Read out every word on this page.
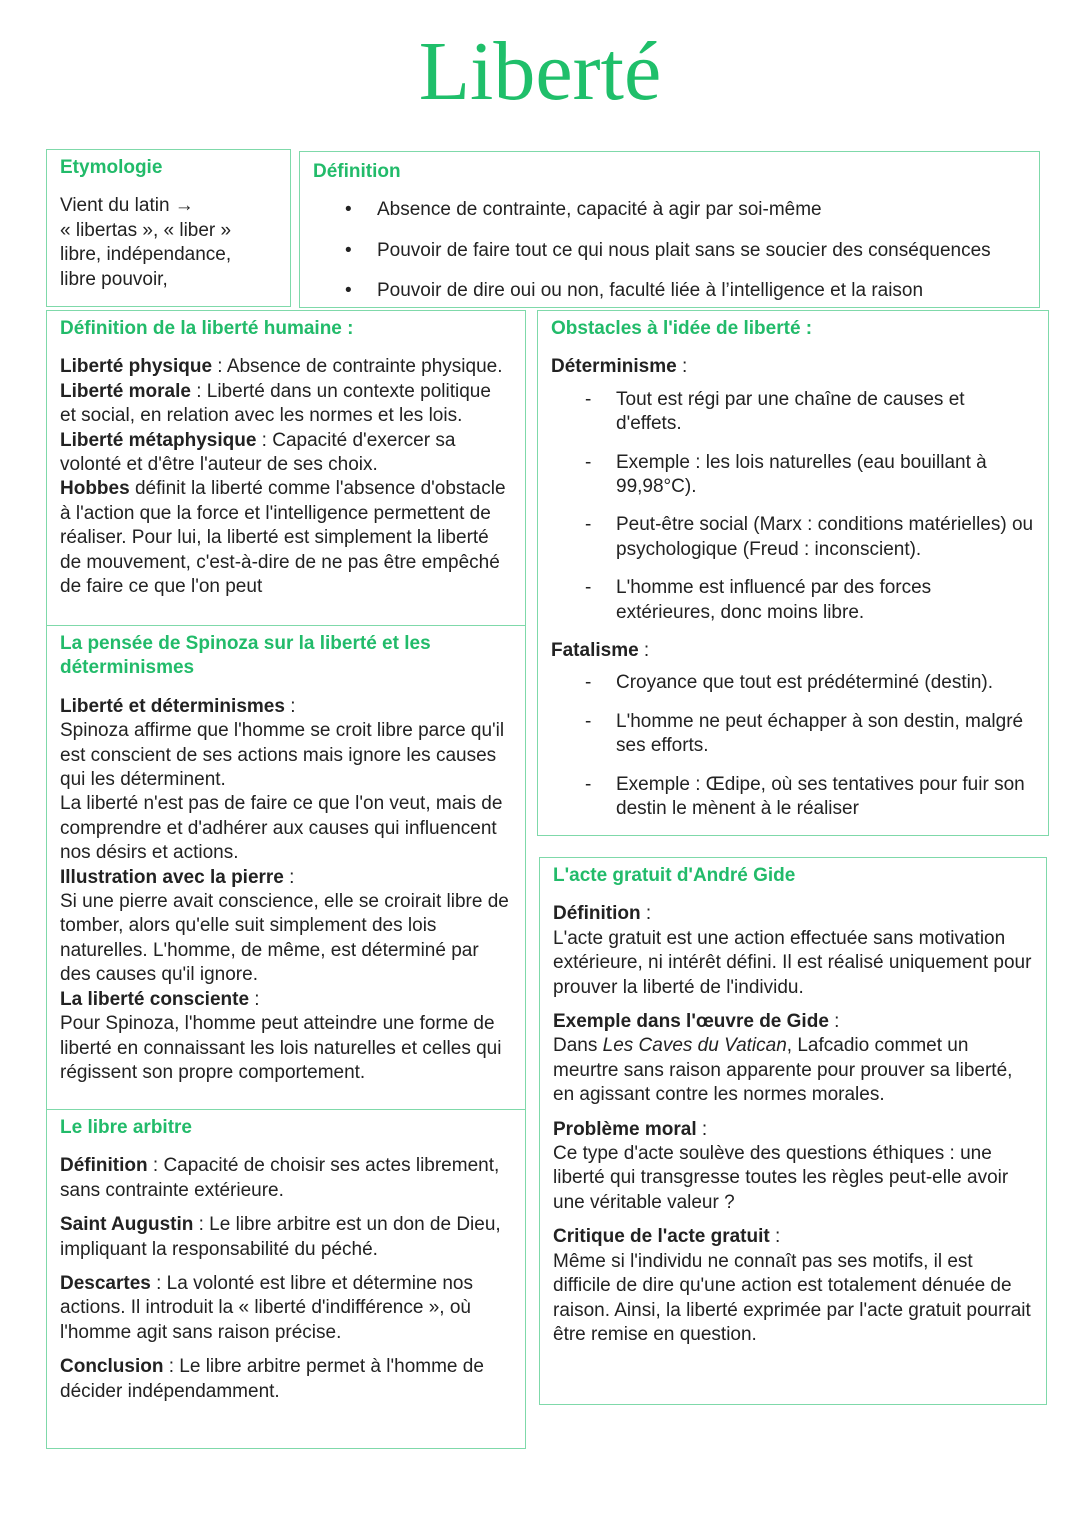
Liberté
Etymologie

Vient du latin →

« libertas », « liber »

libre, indépendance,

libre pouvoir,

Définition
• Absence de contrainte, capacité à agir par soi-même
• Pouvoir de faire tout ce qui nous plait sans se soucier des conséquences
• Pouvoir de dire oui ou non, faculté liée à l’intelligence et la raison
Définition de la liberté humaine :

Liberté physique : Absence de contrainte physique.

Liberté morale : Liberté dans un contexte politique et social, en relation avec les normes et les lois.

Liberté métaphysique : Capacité d'exercer sa volonté et d'être l'auteur de ses choix.

Hobbes définit la liberté comme l'absence d'obstacle à l'action que la force et l'intelligence permettent de réaliser. Pour lui, la liberté est simplement la liberté de mouvement, c'est-à-dire de ne pas être empêché de faire ce que l'on peut

La pensée de Spinoza sur la liberté et les déterminismes

Liberté et déterminismes :

Spinoza affirme que l'homme se croit libre parce qu'il est conscient de ses actions mais ignore les causes qui les déterminent.

La liberté n'est pas de faire ce que l'on veut, mais de comprendre et d'adhérer aux causes qui influencent nos désirs et actions.

Illustration avec la pierre :

Si une pierre avait conscience, elle se croirait libre de tomber, alors qu'elle suit simplement des lois naturelles. L'homme, de même, est déterminé par des causes qu'il ignore.

La liberté consciente :

Pour Spinoza, l'homme peut atteindre une forme de liberté en connaissant les lois naturelles et celles qui régissent son propre comportement.

Le libre arbitre

Définition : Capacité de choisir ses actes librement, sans contrainte extérieure.

Saint Augustin : Le libre arbitre est un don de Dieu, impliquant la responsabilité du péché.

Descartes : La volonté est libre et détermine nos actions. Il introduit la « liberté d'indifférence », où l'homme agit sans raison précise.

Conclusion : Le libre arbitre permet à l'homme de décider indépendamment.

Obstacles à l'idée de liberté :

Déterminisme :

- Tout est régi par une chaîne de causes et d'effets.
- Exemple : les lois naturelles (eau bouillant à 99,98°C).
- Peut-être social (Marx : conditions matérielles) ou psychologique (Freud : inconscient).
- L'homme est influencé par des forces extérieures, donc moins libre.

Fatalisme :

- Croyance que tout est prédéterminé (destin).
- L'homme ne peut échapper à son destin, malgré ses efforts.
- Exemple : Œdipe, où ses tentatives pour fuir son destin le mènent à le réaliser
L'acte gratuit d'André Gide

Définition :

L'acte gratuit est une action effectuée sans motivation extérieure, ni intérêt défini. Il est réalisé uniquement pour prouver la liberté de l'individu.

Exemple dans l'œuvre de Gide :

Dans Les Caves du Vatican, Lafcadio commet un meurtre sans raison apparente pour prouver sa liberté, en agissant contre les normes morales.

Problème moral :

Ce type d'acte soulève des questions éthiques : une liberté qui transgresse toutes les règles peut-elle avoir une véritable valeur ?

Critique de l'acte gratuit :

Même si l'individu ne connaît pas ses motifs, il est difficile de dire qu'une action est totalement dénuée de raison. Ainsi, la liberté exprimée par l'acte gratuit pourrait être remise en question.
